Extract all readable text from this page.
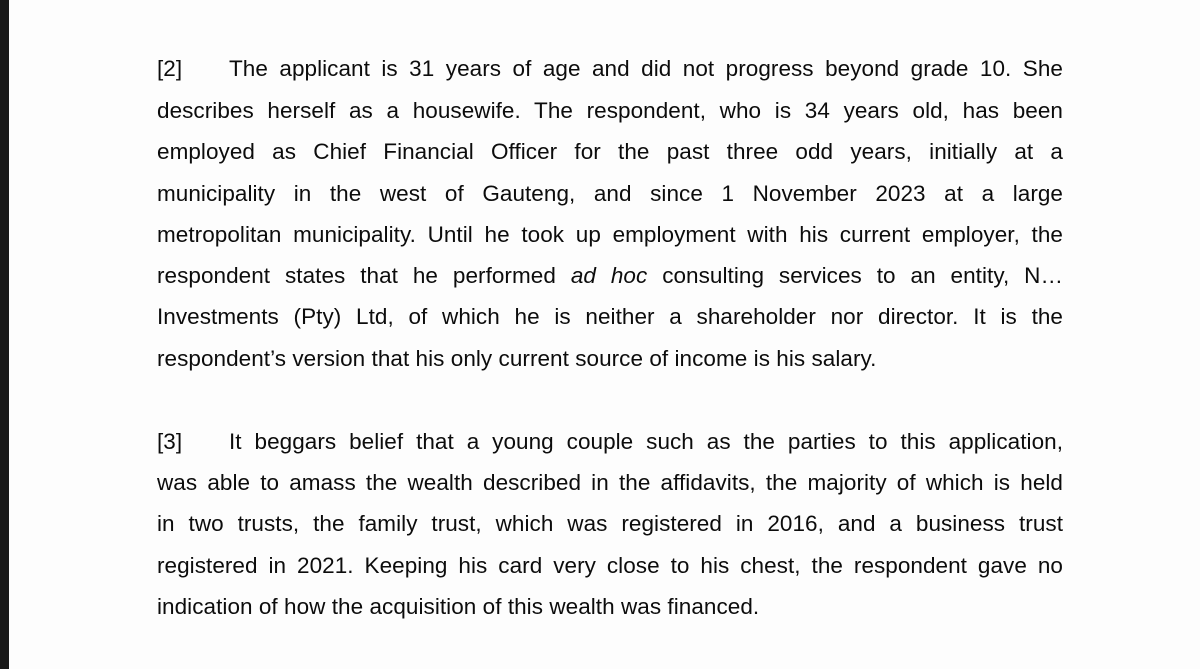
[2] The applicant is 31 years of age and did not progress beyond grade 10. She
describes herself as a housewife. The respondent, who is 34 years old, has been
employed as Chief Financial Officer for the past three odd years, initially at a
municipality in the west of Gauteng, and since 1 November 2023 at a large
metropolitan municipality. Until he took up employment with his current employer, the
respondent states that he performed ad hoc consulting services to an entity, N…
Investments (Pty) Ltd, of which he is neither a shareholder nor director. It is the
respondent’s version that his only current source of income is his salary.
[3] It beggars belief that a young couple such as the parties to this application,
was able to amass the wealth described in the affidavits, the majority of which is held
in two trusts, the family trust, which was registered in 2016, and a business trust
registered in 2021. Keeping his card very close to his chest, the respondent gave no
indication of how the acquisition of this wealth was financed.
